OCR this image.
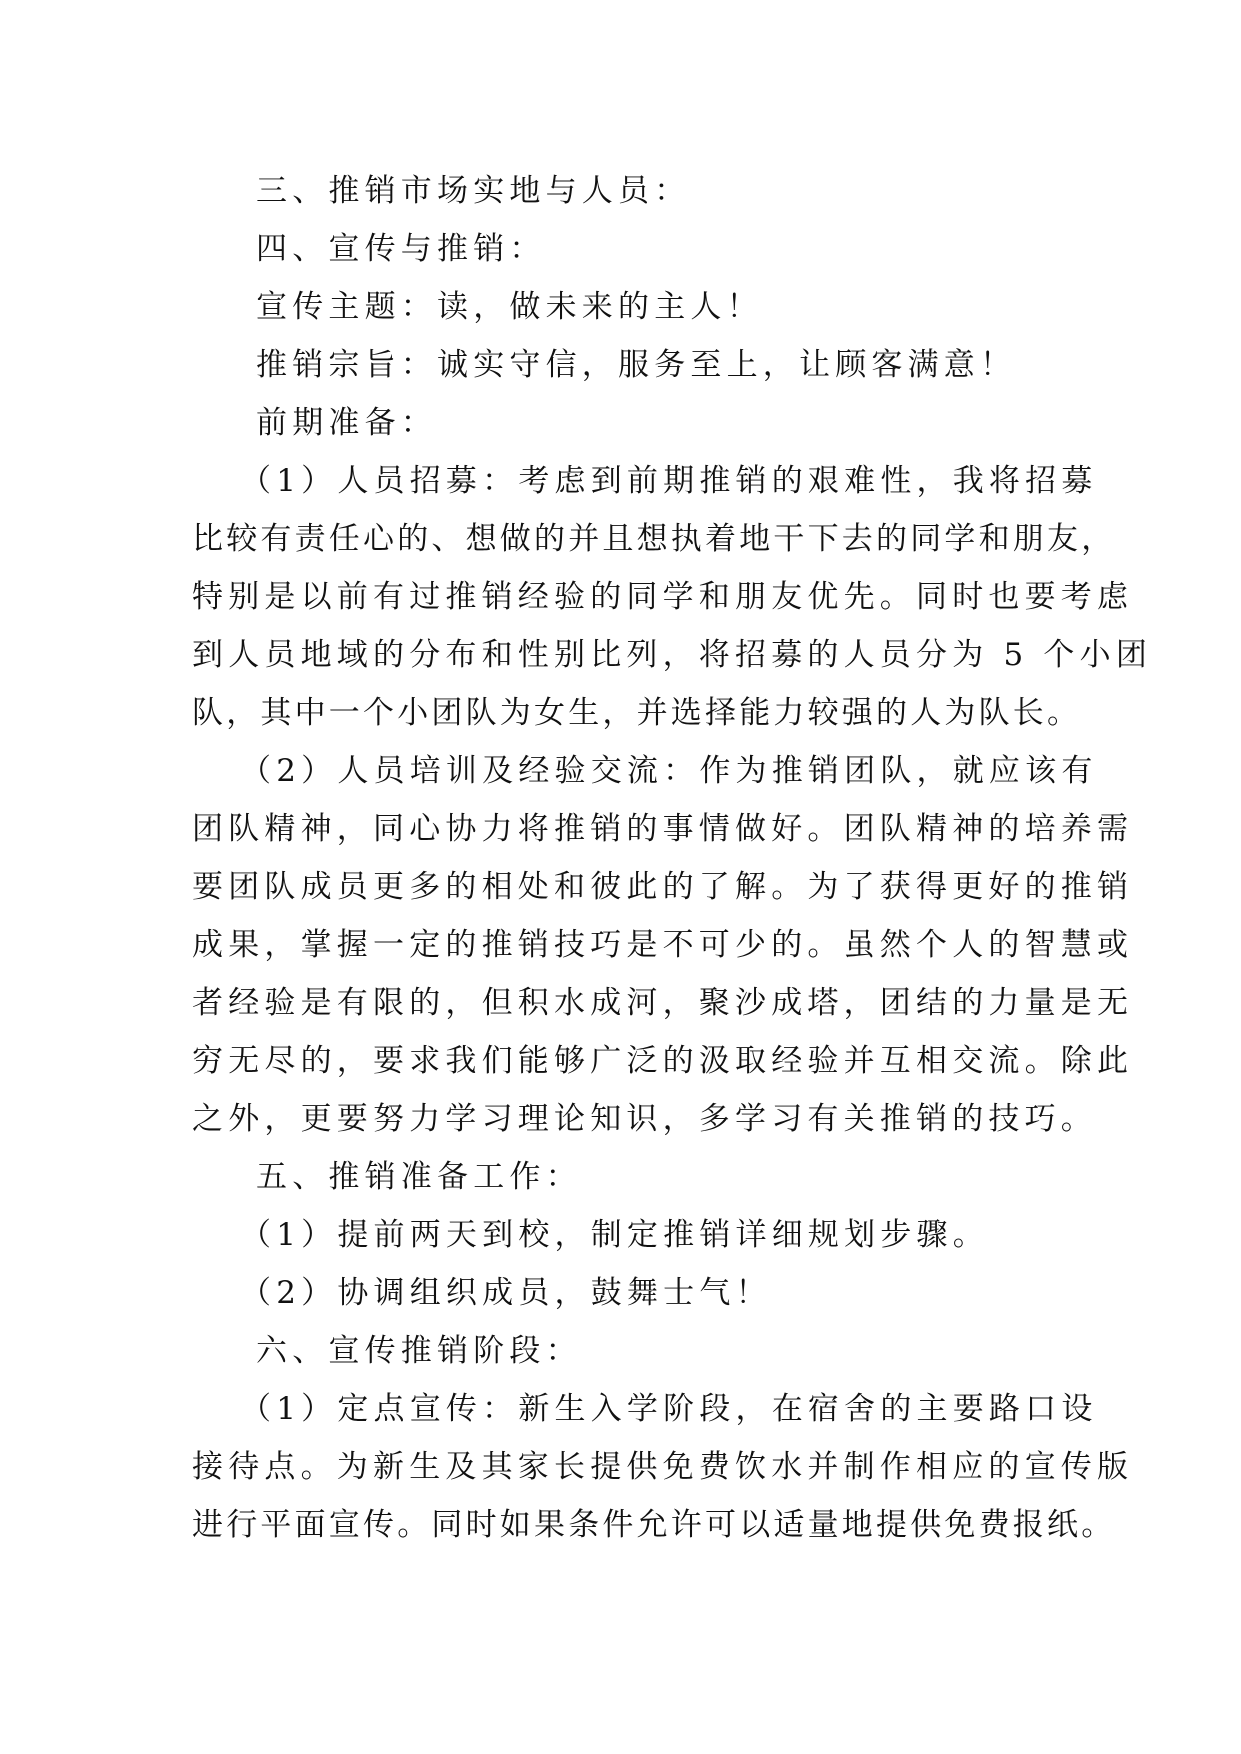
三、推销市场实地与人员：
四、宣传与推销：
宣传主题：读，做未来的主人！
推销宗旨：诚实守信，服务至上，让顾客满意！
前期准备：
（1）人员招募：考虑到前期推销的艰难性，我将招募
比较有责任心的、想做的并且想执着地干下去的同学和朋友，
特别是以前有过推销经验的同学和朋友优先。同时也要考虑
到人员地域的分布和性别比列，将招募的人员分为 5 个小团
队，其中一个小团队为女生，并选择能力较强的人为队长。
（2）人员培训及经验交流：作为推销团队，就应该有
团队精神，同心协力将推销的事情做好。团队精神的培养需
要团队成员更多的相处和彼此的了解。为了获得更好的推销
成果，掌握一定的推销技巧是不可少的。虽然个人的智慧或
者经验是有限的，但积水成河，聚沙成塔，团结的力量是无
穷无尽的，要求我们能够广泛的汲取经验并互相交流。除此
之外，更要努力学习理论知识，多学习有关推销的技巧。
五、推销准备工作：
（1）提前两天到校，制定推销详细规划步骤。
（2）协调组织成员，鼓舞士气！
六、宣传推销阶段：
（1）定点宣传：新生入学阶段，在宿舍的主要路口设
接待点。为新生及其家长提供免费饮水并制作相应的宣传版
进行平面宣传。同时如果条件允许可以适量地提供免费报纸。
